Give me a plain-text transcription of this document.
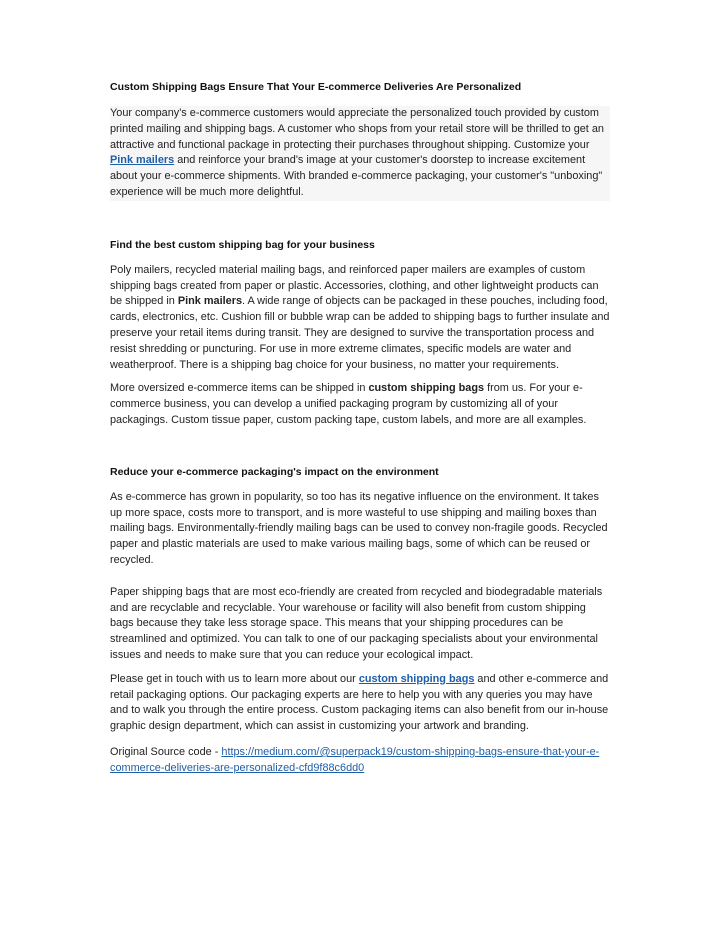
Custom Shipping Bags Ensure That Your E-commerce Deliveries Are Personalized

Your company's e-commerce customers would appreciate the personalized touch provided by custom printed mailing and shipping bags. A customer who shops from your retail store will be thrilled to get an attractive and functional package in protecting their purchases throughout shipping. Customize your Pink mailers and reinforce your brand's image at your customer's doorstep to increase excitement about your e-commerce shipments. With branded e-commerce packaging, your customer's "unboxing" experience will be much more delightful.

Find the best custom shipping bag for your business

Poly mailers, recycled material mailing bags, and reinforced paper mailers are examples of custom shipping bags created from paper or plastic. Accessories, clothing, and other lightweight products can be shipped in Pink mailers. A wide range of objects can be packaged in these pouches, including food, cards, electronics, etc. Cushion fill or bubble wrap can be added to shipping bags to further insulate and preserve your retail items during transit. They are designed to survive the transportation process and resist shredding or puncturing. For use in more extreme climates, specific models are water and weatherproof. There is a shipping bag choice for your business, no matter your requirements.

More oversized e-commerce items can be shipped in custom shipping bags from us. For your e-commerce business, you can develop a unified packaging program by customizing all of your packagings. Custom tissue paper, custom packing tape, custom labels, and more are all examples.

Reduce your e-commerce packaging's impact on the environment

As e-commerce has grown in popularity, so too has its negative influence on the environment. It takes up more space, costs more to transport, and is more wasteful to use shipping and mailing boxes than mailing bags. Environmentally-friendly mailing bags can be used to convey non-fragile goods. Recycled paper and plastic materials are used to make various mailing bags, some of which can be reused or recycled.

Paper shipping bags that are most eco-friendly are created from recycled and biodegradable materials and are recyclable and recyclable. Your warehouse or facility will also benefit from custom shipping bags because they take less storage space. This means that your shipping procedures can be streamlined and optimized. You can talk to one of our packaging specialists about your environmental issues and needs to make sure that you can reduce your ecological impact.

Please get in touch with us to learn more about our custom shipping bags and other e-commerce and retail packaging options. Our packaging experts are here to help you with any queries you may have and to walk you through the entire process. Custom packaging items can also benefit from our in-house graphic design department, which can assist in customizing your artwork and branding.

Original Source code - https://medium.com/@superpack19/custom-shipping-bags-ensure-that-your-e-commerce-deliveries-are-personalized-cfd9f88c6dd0
